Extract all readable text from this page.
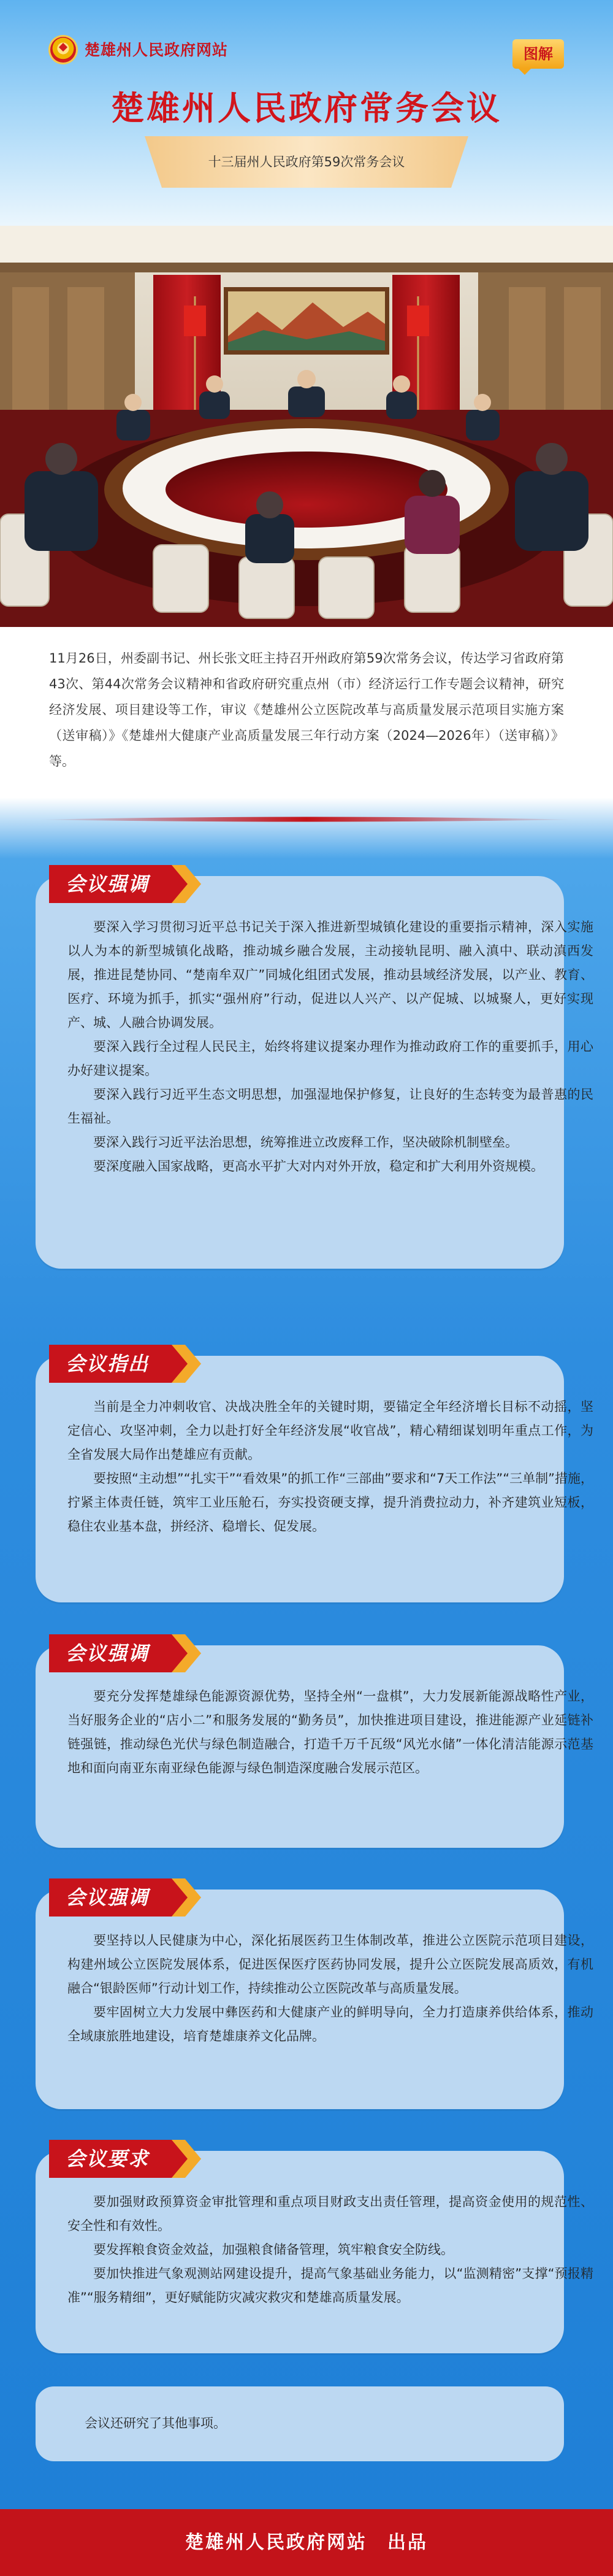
楚雄州人民政府网站	图解
楚雄州人民政府常务会议
十三届州人民政府第59次常务会议

11月26日，州委副书记、州长张文旺主持召开州政府第59次常务会议，传达学习省政府第43次、第44次常务会议精神和省政府研究重点州（市）经济运行工作专题会议精神，研究经济发展、项目建设等工作，审议《楚雄州公立医院改革与高质量发展示范项目实施方案（送审稿）》《楚雄州大健康产业高质量发展三年行动方案（2024—2026年）（送审稿）》等。

会议强调

要深入学习贯彻习近平总书记关于深入推进新型城镇化建设的重要指示精神，深入实施以人为本的新型城镇化战略，推动城乡融合发展，主动接轨昆明、融入滇中、联动滇西发展，推进昆楚协同、“楚南牟双广”同城化组团式发展，推动县域经济发展，以产业、教育、医疗、环境为抓手，抓实“强州府”行动，促进以人兴产、以产促城、以城聚人，更好实现产、城、人融合协调发展。

要深入践行全过程人民民主，始终将建议提案办理作为推动政府工作的重要抓手，用心办好建议提案。

要深入践行习近平生态文明思想，加强湿地保护修复，让良好的生态转变为最普惠的民生福祉。

要深入践行习近平法治思想，统筹推进立改废释工作，坚决破除机制壁垒。

要深度融入国家战略，更高水平扩大对内对外开放，稳定和扩大利用外资规模。

会议指出

当前是全力冲刺收官、决战决胜全年的关键时期，要锚定全年经济增长目标不动摇，坚定信心、攻坚冲刺，全力以赴打好全年经济发展“收官战”，精心精细谋划明年重点工作，为全省发展大局作出楚雄应有贡献。

要按照“主动想”“扎实干”“看效果”的抓工作“三部曲”要求和“7天工作法”“三单制”措施，拧紧主体责任链，筑牢工业压舱石，夯实投资硬支撑，提升消费拉动力，补齐建筑业短板，稳住农业基本盘，拼经济、稳增长、促发展。

会议强调

要充分发挥楚雄绿色能源资源优势，坚持全州“一盘棋”，大力发展新能源战略性产业，当好服务企业的“店小二”和服务发展的“勤务员”，加快推进项目建设，推进能源产业延链补链强链，推动绿色光伏与绿色制造融合，打造千万千瓦级“风光水储”一体化清洁能源示范基地和面向南亚东南亚绿色能源与绿色制造深度融合发展示范区。

会议强调

要坚持以人民健康为中心，深化拓展医药卫生体制改革，推进公立医院示范项目建设，构建州域公立医院发展体系，促进医保医疗医药协同发展，提升公立医院发展高质效，有机融合“银龄医师”行动计划工作，持续推动公立医院改革与高质量发展。

要牢固树立大力发展中彝医药和大健康产业的鲜明导向，全力打造康养供给体系，推动全域康旅胜地建设，培育楚雄康养文化品牌。

会议要求

要加强财政预算资金审批管理和重点项目财政支出责任管理，提高资金使用的规范性、安全性和有效性。

要发挥粮食资金效益，加强粮食储备管理，筑牢粮食安全防线。

要加快推进气象观测站网建设提升，提高气象基础业务能力，以“监测精密”支撑“预报精准”“服务精细”，更好赋能防灾减灾救灾和楚雄高质量发展。

会议还研究了其他事项。

楚雄州人民政府网站　出品
